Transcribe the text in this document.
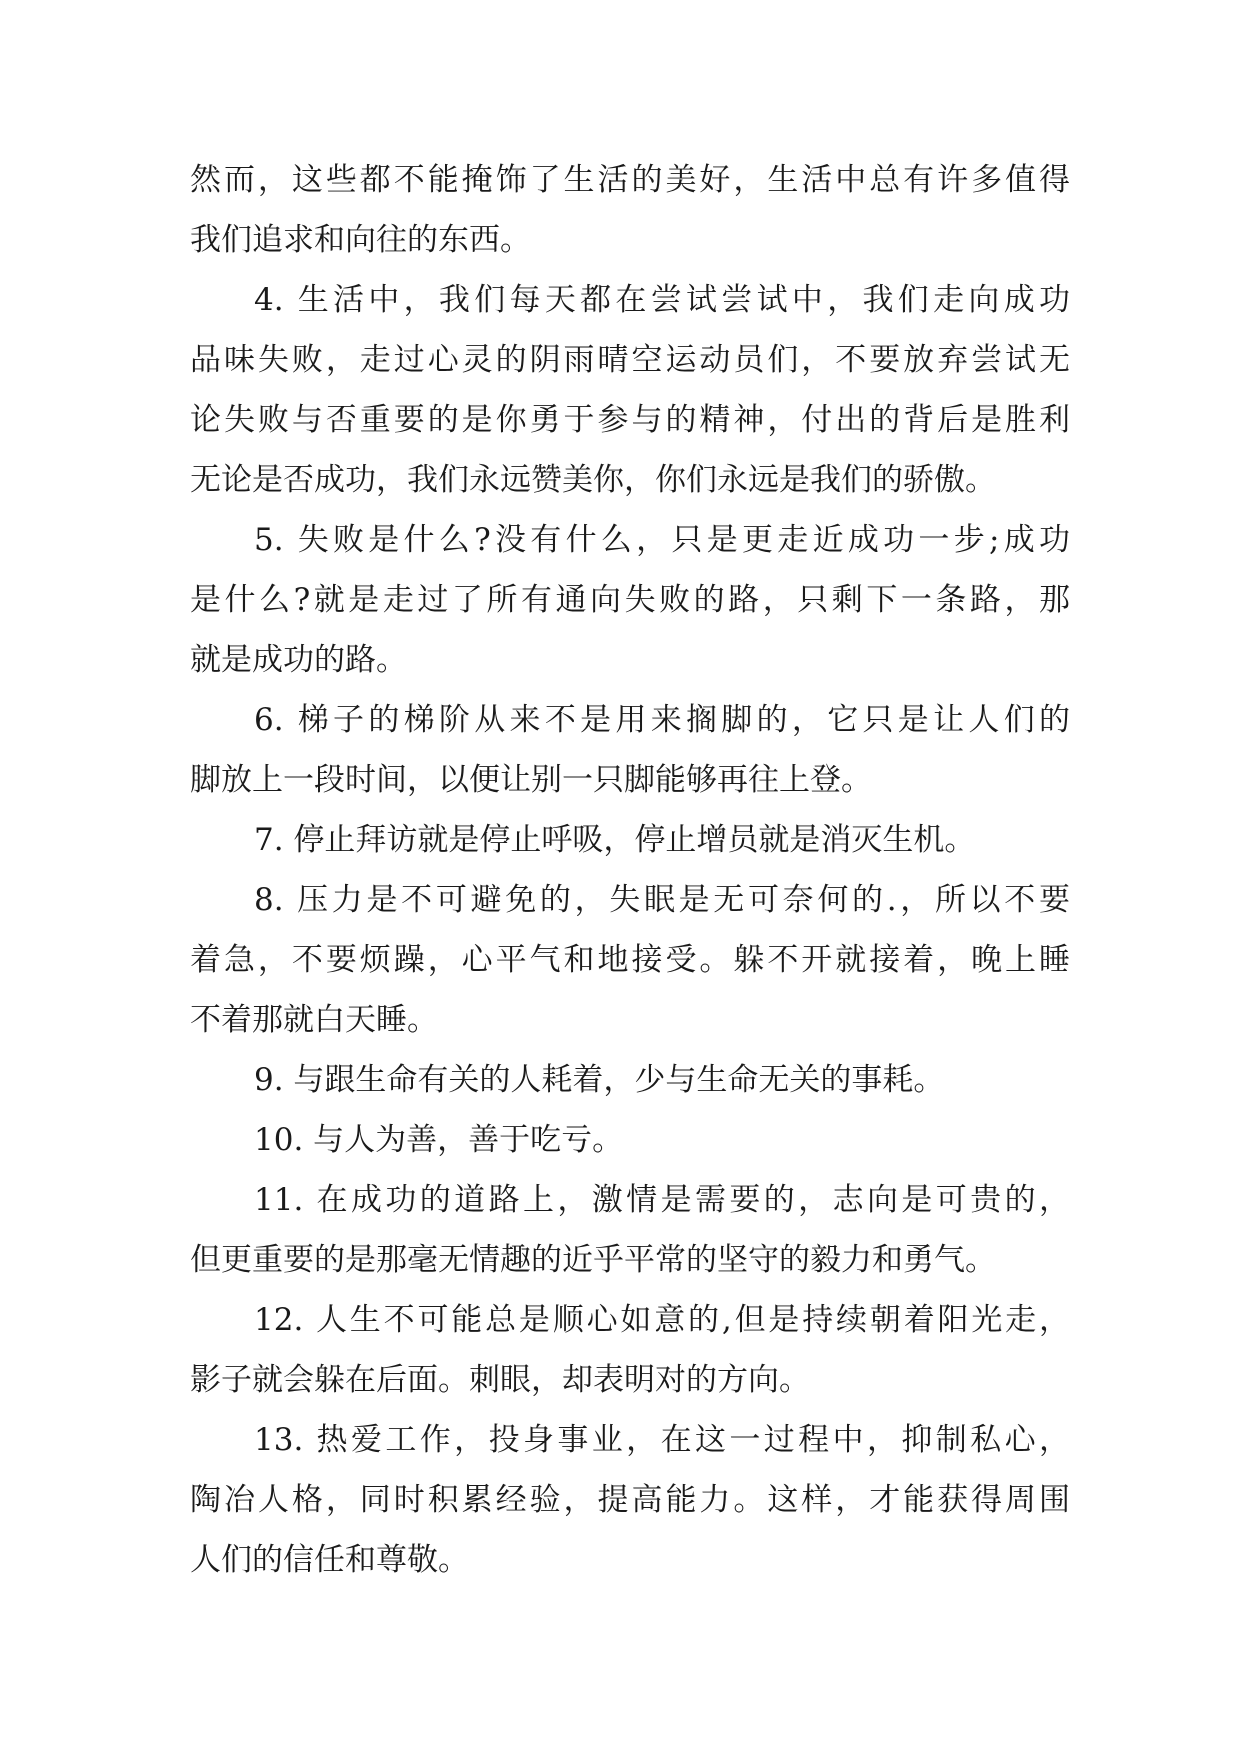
然而，这些都不能掩饰了生活的美好，生活中总有许多值得
我们追求和向往的东西。

4. 生活中，我们每天都在尝试尝试中，我们走向成功
品味失败，走过心灵的阴雨晴空运动员们，不要放弃尝试无
论失败与否重要的是你勇于参与的精神，付出的背后是胜利
无论是否成功，我们永远赞美你，你们永远是我们的骄傲。

5. 失败是什么?没有什么，只是更走近成功一步;成功
是什么?就是走过了所有通向失败的路，只剩下一条路，那
就是成功的路。

6. 梯子的梯阶从来不是用来搁脚的，它只是让人们的
脚放上一段时间，以便让别一只脚能够再往上登。

7. 停止拜访就是停止呼吸，停止增员就是消灭生机。

8. 压力是不可避免的，失眠是无可奈何的.，所以不要
着急，不要烦躁，心平气和地接受。躲不开就接着，晚上睡
不着那就白天睡。

9. 与跟生命有关的人耗着，少与生命无关的事耗。

10. 与人为善，善于吃亏。

11. 在成功的道路上，激情是需要的，志向是可贵的，
但更重要的是那毫无情趣的近乎平常的坚守的毅力和勇气。

12. 人生不可能总是顺心如意的,但是持续朝着阳光走，
影子就会躲在后面。刺眼，却表明对的方向。

13. 热爱工作，投身事业，在这一过程中，抑制私心，
陶冶人格，同时积累经验，提高能力。这样，才能获得周围
人们的信任和尊敬。
